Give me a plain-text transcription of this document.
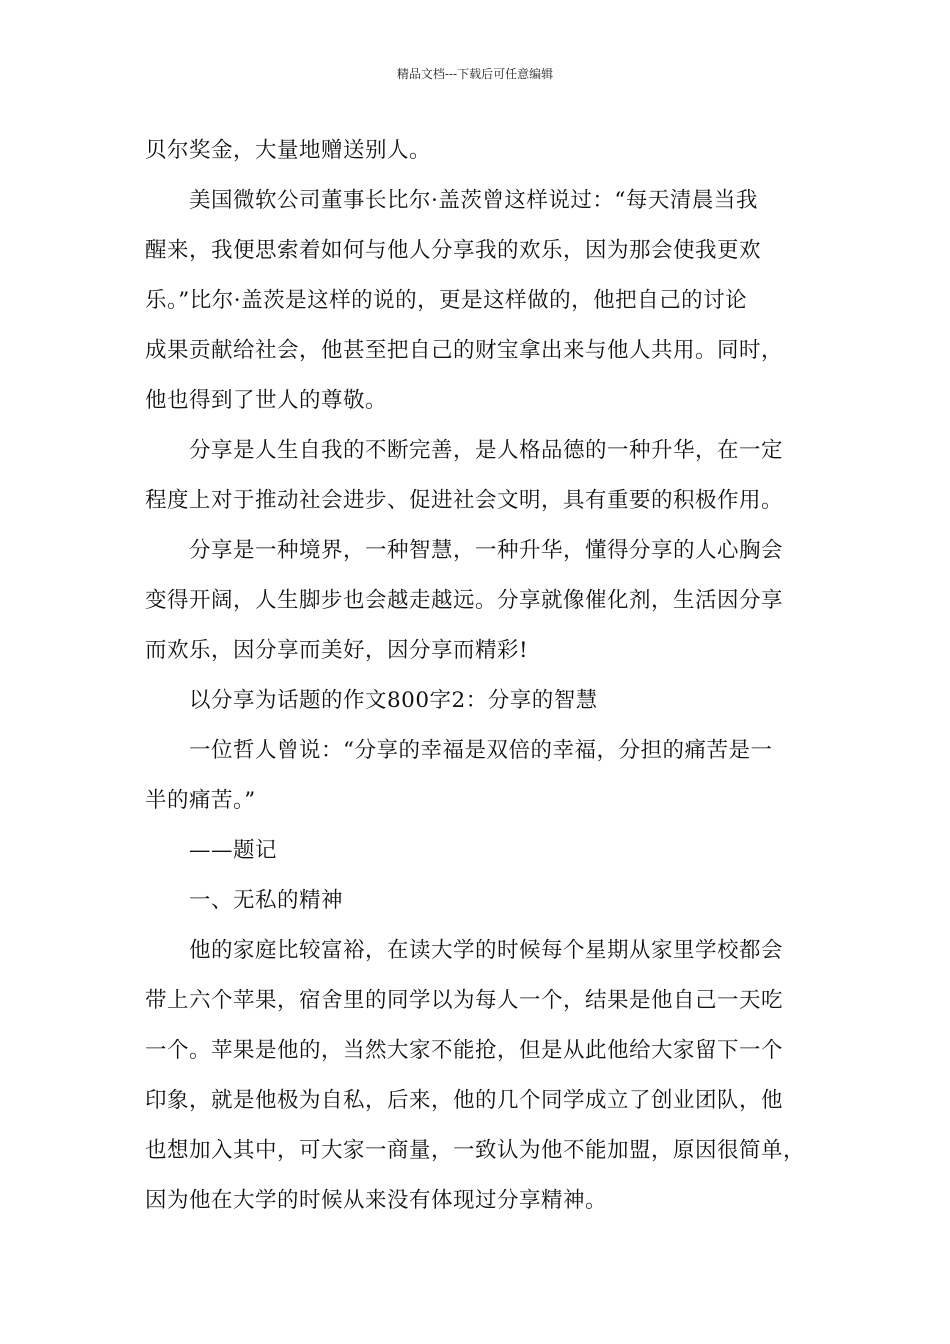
精品文档---下载后可任意编辑
贝尔奖金，大量地赠送别人。
美国微软公司董事长比尔·盖茨曾这样说过：“每天清晨当我
醒来，我便思索着如何与他人分享我的欢乐，因为那会使我更欢
乐。”比尔·盖茨是这样的说的，更是这样做的，他把自己的讨论
成果贡献给社会，他甚至把自己的财宝拿出来与他人共用。同时，
他也得到了世人的尊敬。
分享是人生自我的不断完善，是人格品德的一种升华，在一定
程度上对于推动社会进步、促进社会文明，具有重要的积极作用。
分享是一种境界，一种智慧，一种升华，懂得分享的人心胸会
变得开阔，人生脚步也会越走越远。分享就像催化剂，生活因分享
而欢乐，因分享而美好，因分享而精彩!
以分享为话题的作文800字2：分享的智慧
一位哲人曾说：“分享的幸福是双倍的幸福，分担的痛苦是一
半的痛苦。”
——题记
一、无私的精神
他的家庭比较富裕，在读大学的时候每个星期从家里学校都会
带上六个苹果，宿舍里的同学以为每人一个，结果是他自己一天吃
一个。苹果是他的，当然大家不能抢，但是从此他给大家留下一个
印象，就是他极为自私，后来，他的几个同学成立了创业团队，他
也想加入其中，可大家一商量，一致认为他不能加盟，原因很简单，
因为他在大学的时候从来没有体现过分享精神。
